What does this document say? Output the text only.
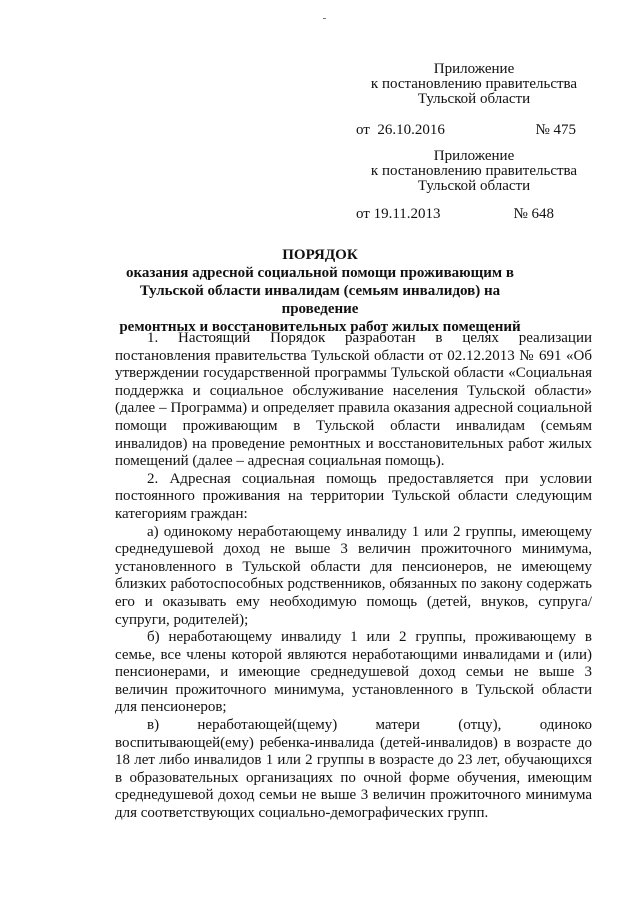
Приложение
к постановлению правительства
Тульской области
от 26.10.2016	№ 475
Приложение
к постановлению правительства
Тульской области
от 19.11.2013	№ 648
ПОРЯДОК
оказания адресной социальной помощи проживающим в
Тульской области инвалидам (семьям инвалидов) на проведение
ремонтных и восстановительных работ жилых помещений

1. Настоящий Порядок разработан в целях реализации постановления правительства Тульской области от 02.12.2013 № 691 «Об утверждении государственной программы Тульской области «Социальная поддержка и социальное обслуживание населения Тульской области» (далее – Программа) и определяет правила оказания адресной социальной помощи проживающим в Тульской области инвалидам (семьям инвалидов) на проведение ремонтных и восстановительных работ жилых помещений (далее – адресная социальная помощь).

2. Адресная социальная помощь предоставляется при условии постоянного проживания на территории Тульской области следующим категориям граждан:

а) одинокому неработающему инвалиду 1 или 2 группы, имеющему среднедушевой доход не выше 3 величин прожиточного минимума, установленного в Тульской области для пенсионеров, не имеющему близких работоспособных родственников, обязанных по закону содержать его и оказывать ему необходимую помощь (детей, внуков, супруга/супруги, родителей);

б) неработающему инвалиду 1 или 2 группы, проживающему в семье, все члены которой являются неработающими инвалидами и (или) пенсионерами, и имеющие среднедушевой доход семьи не выше 3 величин прожиточного минимума, установленного в Тульской области для пенсионеров;

в) неработающей(щему) матери (отцу), одиноко воспитывающей(ему) ребенка-инвалида (детей-инвалидов) в возрасте до 18 лет либо инвалидов 1 или 2 группы в возрасте до 23 лет, обучающихся в образовательных организациях по очной форме обучения, имеющим среднедушевой доход семьи не выше 3 величин прожиточного минимума для соответствующих социально-демографических групп.
